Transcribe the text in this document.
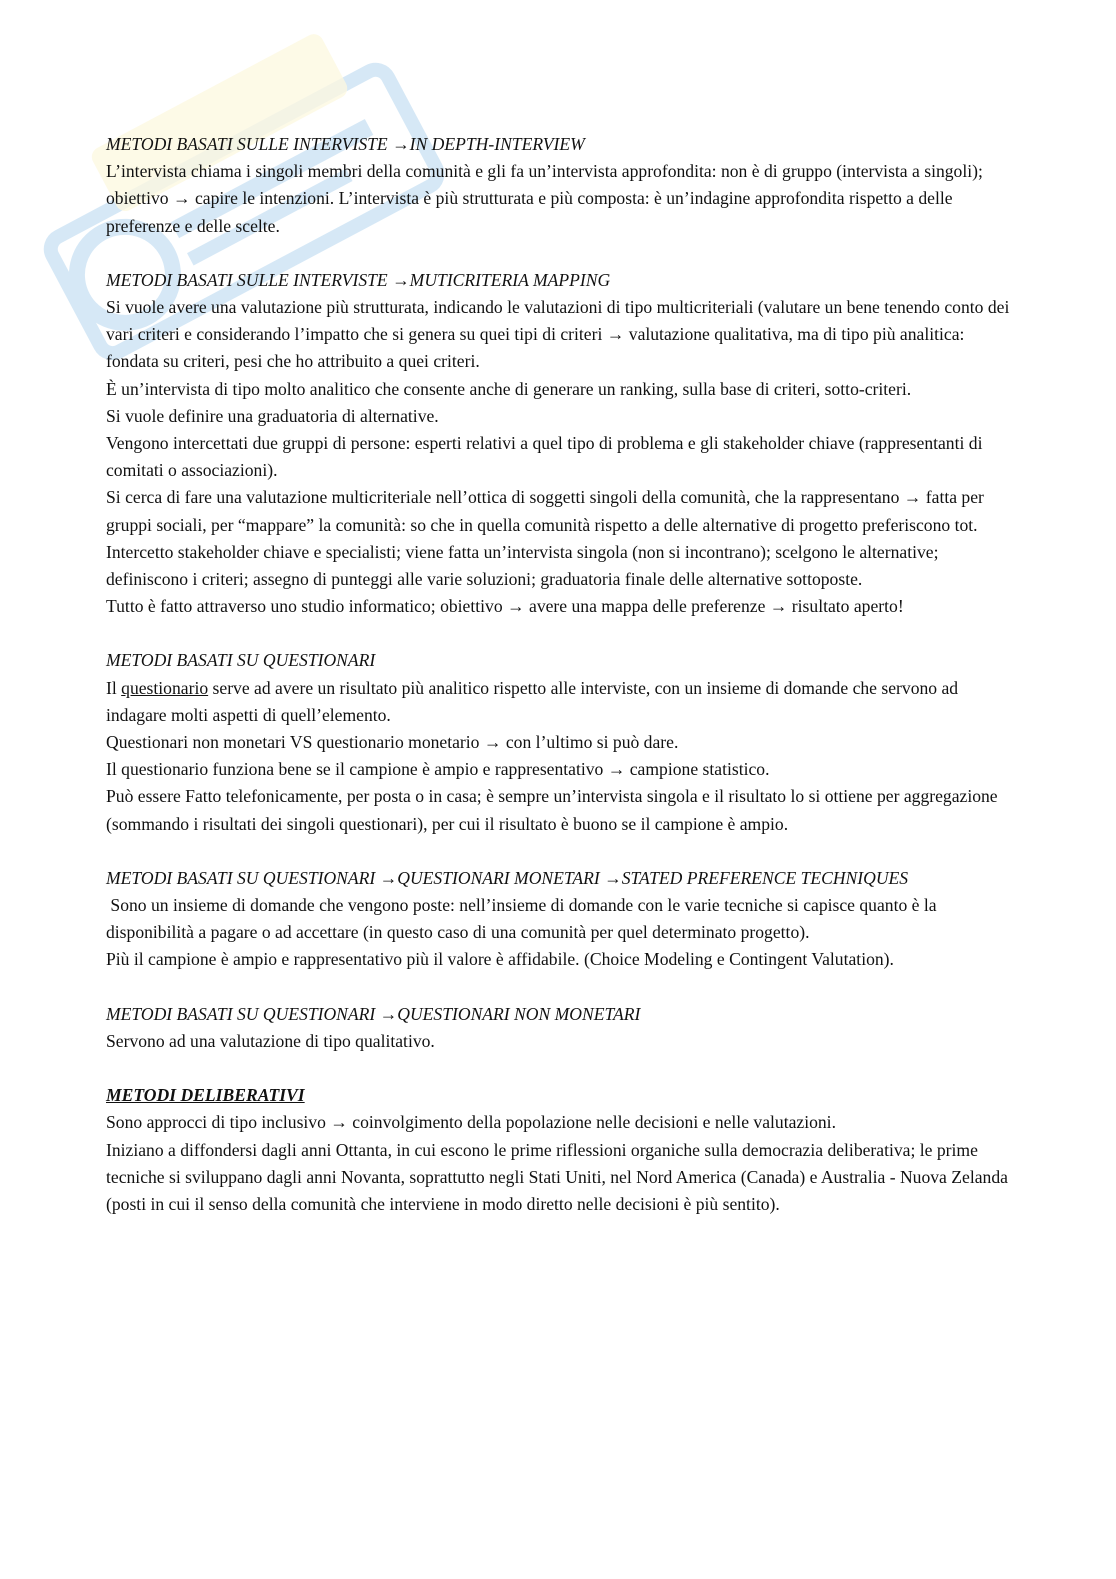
METODI BASATI SULLE INTERVISTE →IN DEPTH-INTERVIEW

L’intervista chiama i singoli membri della comunità e gli fa un’intervista approfondita: non è di gruppo (intervista a singoli); obiettivo → capire le intenzioni. L’intervista è più strutturata e più composta: è un’indagine approfondita rispetto a delle preferenze e delle scelte.

METODI BASATI SULLE INTERVISTE →MUTICRITERIA MAPPING

Si vuole avere una valutazione più strutturata, indicando le valutazioni di tipo multicriteriali (valutare un bene tenendo conto dei vari criteri e considerando l’impatto che si genera su quei tipi di criteri → valutazione qualitativa, ma di tipo più analitica: fondata su criteri, pesi che ho attribuito a quei criteri.

È un’intervista di tipo molto analitico che consente anche di generare un ranking, sulla base di criteri, sotto-criteri.

Si vuole definire una graduatoria di alternative.

Vengono intercettati due gruppi di persone: esperti relativi a quel tipo di problema e gli stakeholder chiave (rappresentanti di comitati o associazioni).

Si cerca di fare una valutazione multicriteriale nell’ottica di soggetti singoli della comunità, che la rappresentano → fatta per gruppi sociali, per “mappare” la comunità: so che in quella comunità rispetto a delle alternative di progetto preferiscono tot.

Intercetto stakeholder chiave e specialisti; viene fatta un’intervista singola (non si incontrano); scelgono le alternative; definiscono i criteri; assegno di punteggi alle varie soluzioni; graduatoria finale delle alternative sottoposte.

Tutto è fatto attraverso uno studio informatico; obiettivo → avere una mappa delle preferenze → risultato aperto!

METODI BASATI SU QUESTIONARI

Il questionario serve ad avere un risultato più analitico rispetto alle interviste, con un insieme di domande che servono ad indagare molti aspetti di quell’elemento.

Questionari non monetari VS questionario monetario → con l’ultimo si può dare.

Il questionario funziona bene se il campione è ampio e rappresentativo → campione statistico.

Può essere Fatto telefonicamente, per posta o in casa; è sempre un’intervista singola e il risultato lo si ottiene per aggregazione (sommando i risultati dei singoli questionari), per cui il risultato è buono se il campione è ampio.

METODI BASATI SU QUESTIONARI →QUESTIONARI MONETARI →STATED PREFERENCE TECHNIQUES

Sono un insieme di domande che vengono poste: nell’insieme di domande con le varie tecniche si capisce quanto è la disponibilità a pagare o ad accettare (in questo caso di una comunità per quel determinato progetto).

Più il campione è ampio e rappresentativo più il valore è affidabile. (Choice Modeling e Contingent Valutation).

METODI BASATI SU QUESTIONARI →QUESTIONARI NON MONETARI

Servono ad una valutazione di tipo qualitativo.

METODI DELIBERATIVI

Sono approcci di tipo inclusivo → coinvolgimento della popolazione nelle decisioni e nelle valutazioni.

Iniziano a diffondersi dagli anni Ottanta, in cui escono le prime riflessioni organiche sulla democrazia deliberativa; le prime tecniche si sviluppano dagli anni Novanta, soprattutto negli Stati Uniti, nel Nord America (Canada) e Australia - Nuova Zelanda (posti in cui il senso della comunità che interviene in modo diretto nelle decisioni è più sentito).
